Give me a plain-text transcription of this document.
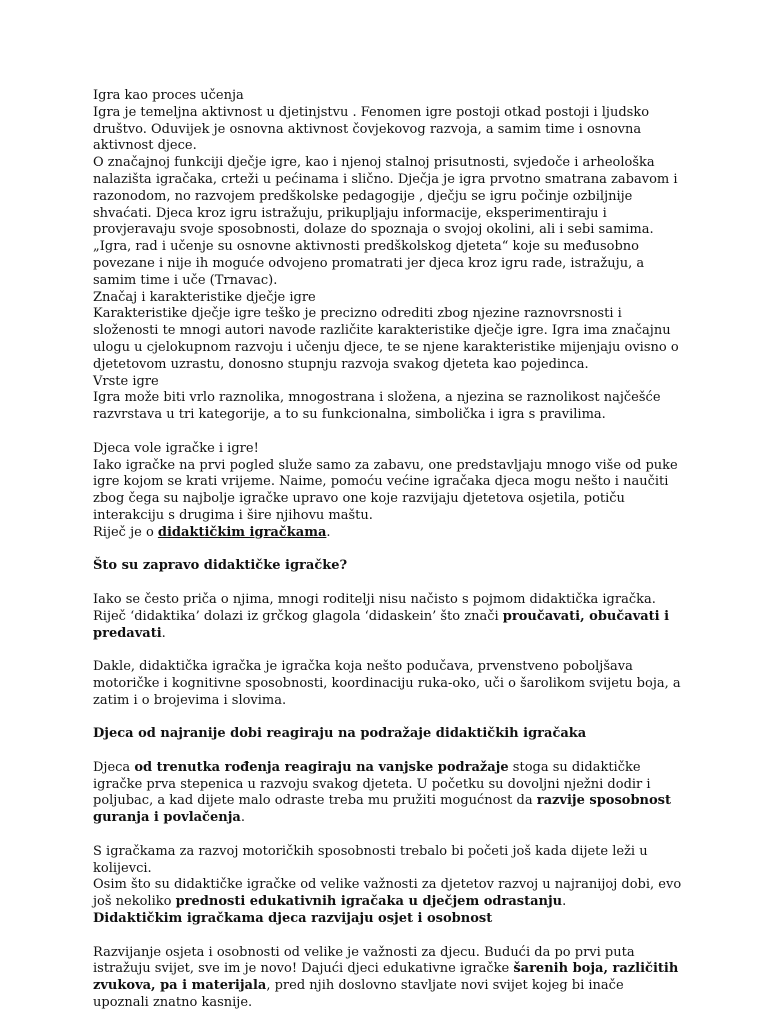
Igra kao proces učenja

Igra je temeljna aktivnost u djetinjstvu . Fenomen igre postoji otkad postoji i ljudsko društvo. Oduvijek je osnovna aktivnost čovjekovog razvoja, a samim time i osnovna aktivnost djece.

O značajnoj funkciji dječje igre, kao i njenoj stalnoj prisutnosti, svjedoče i arheološka nalazišta igračaka, crteži u pećinama i slično. Dječja je igra prvotno smatrana zabavom i razonodom, no razvojem predškolske pedagogije , dječju se igru počinje ozbiljnije shvaćati. Djeca kroz igru istražuju, prikupljaju informacije, eksperimentiraju i provjeravaju svoje sposobnosti, dolaze do spoznaja o svojoj okolini, ali i sebi samima. „Igra, rad i učenje su osnovne aktivnosti predškolskog djeteta“ koje su međusobno povezane i nije ih moguće odvojeno promatrati jer djeca kroz igru rade, istražuju, a samim time i uče (Trnavac).

Značaj i karakteristike dječje igre

Karakteristike dječje igre teško je precizno odrediti zbog njezine raznovrsnosti i složenosti te mnogi autori navode različite karakteristike dječje igre. Igra ima značajnu ulogu u cjelokupnom razvoju i učenju djece, te se njene karakteristike mijenjaju ovisno o djetetovom uzrastu, donosno stupnju razvoja svakog djeteta kao pojedinca.

Vrste igre

Igra može biti vrlo raznolika, mnogostrana i složena, a njezina se raznolikost najčešće razvrstava u tri kategorije, a to su funkcionalna, simbolička i igra s pravilima.

Djeca vole igračke i igre!

Iako igračke na prvi pogled služe samo za zabavu, one predstavljaju mnogo više od puke igre kojom se krati vrijeme. Naime, pomoću većine igračaka djeca mogu nešto i naučiti zbog čega su najbolje igračke upravo one koje razvijaju djetetova osjetila, potiču interakciju s drugima i šire njihovu maštu.

Riječ je o didaktičkim igračkama.

Što su zapravo didaktičke igračke?

Iako se često priča o njima, mnogi roditelji nisu načisto s pojmom didaktička igračka. Riječ ‘didaktika’ dolazi iz grčkog glagola ‘didaskein’ što znači proučavati, obučavati i predavati.

Dakle, didaktička igračka je igračka koja nešto podučava, prvenstveno poboljšava motoričke i kognitivne sposobnosti, koordinaciju ruka-oko, uči o šarolikom svijetu boja, a zatim i o brojevima i slovima.

Djeca od najranije dobi reagiraju na podražaje didaktičkih igračaka

Djeca od trenutka rođenja reagiraju na vanjske podražaje stoga su didaktičke igračke prva stepenica u razvoju svakog djeteta. U početku su dovoljni nježni dodir i poljubac, a kad dijete malo odraste treba mu pružiti mogućnost da razvije sposobnost guranja i povlačenja.

S igračkama za razvoj motoričkih sposobnosti trebalo bi početi još kada dijete leži u kolijevci.

Osim što su didaktičke igračke od velike važnosti za djetetov razvoj u najranijoj dobi, evo još nekoliko prednosti edukativnih igračaka u dječjem odrastanju.

Didaktičkim igračkama djeca razvijaju osjet i osobnost

Razvijanje osjeta i osobnosti od velike je važnosti za djecu. Budući da po prvi puta istražuju svijet, sve im je novo! Dajući djeci edukativne igračke šarenih boja, različitih zvukova, pa i materijala, pred njih doslovno stavljate novi svijet kojeg bi inače upoznali znatno kasnije.
